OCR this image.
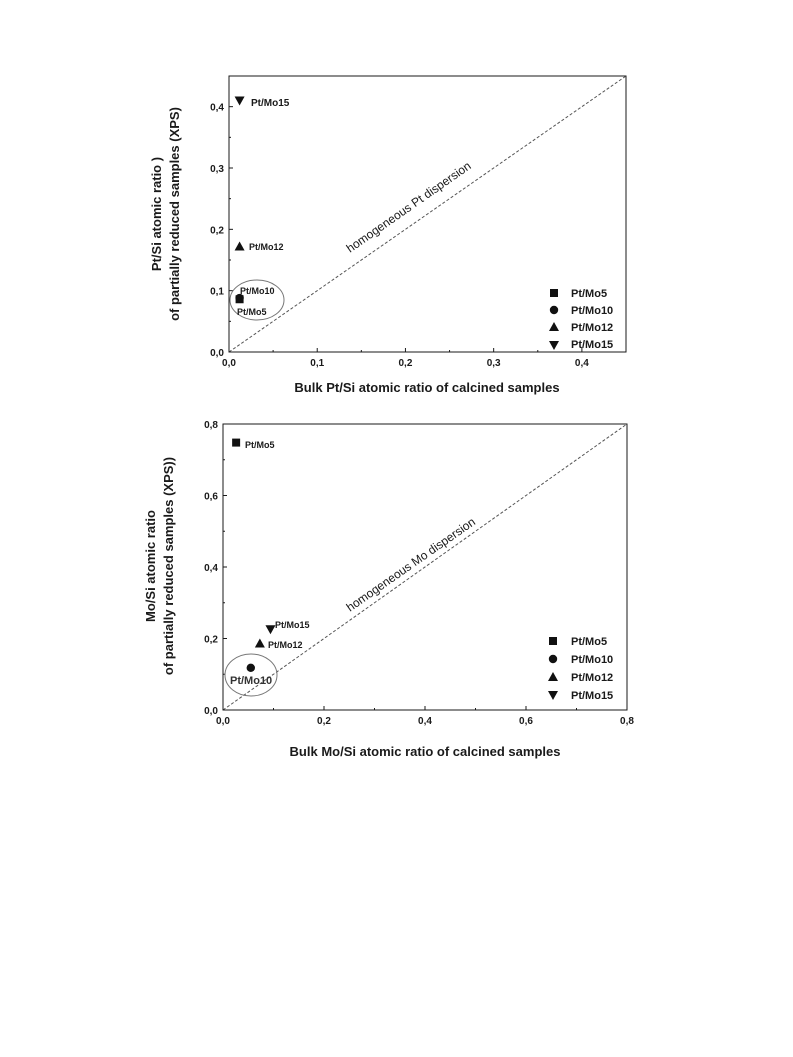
homogeneous Pt dispersion
0,0	0,1	0,2	0,3	0,4
0,0
0,1
0,2
0,3
0,4
Bulk Pt/Si atomic ratio of calcined samples
Pt/Si atomic ratio ) of partially reduced samples (XPS)
Pt/Mo15
Pt/Mo12
Pt/Mo10
Pt/Mo5
Pt/Mo5
Pt/Mo10
Pt/Mo12
Pt/Mo15
homogeneous Mo dispersion
0,0	0,2	0,4	0,6	0,8
0,0
0,2
0,4
0,6
0,8
Bulk Mo/Si atomic ratio of calcined samples
Mo/Si atomic ratio of partially reduced samples (XPS))
Pt/Mo5
Pt/Mo15
Pt/Mo12
Pt/Mo10
Pt/Mo5
Pt/Mo10
Pt/Mo12
Pt/Mo15
